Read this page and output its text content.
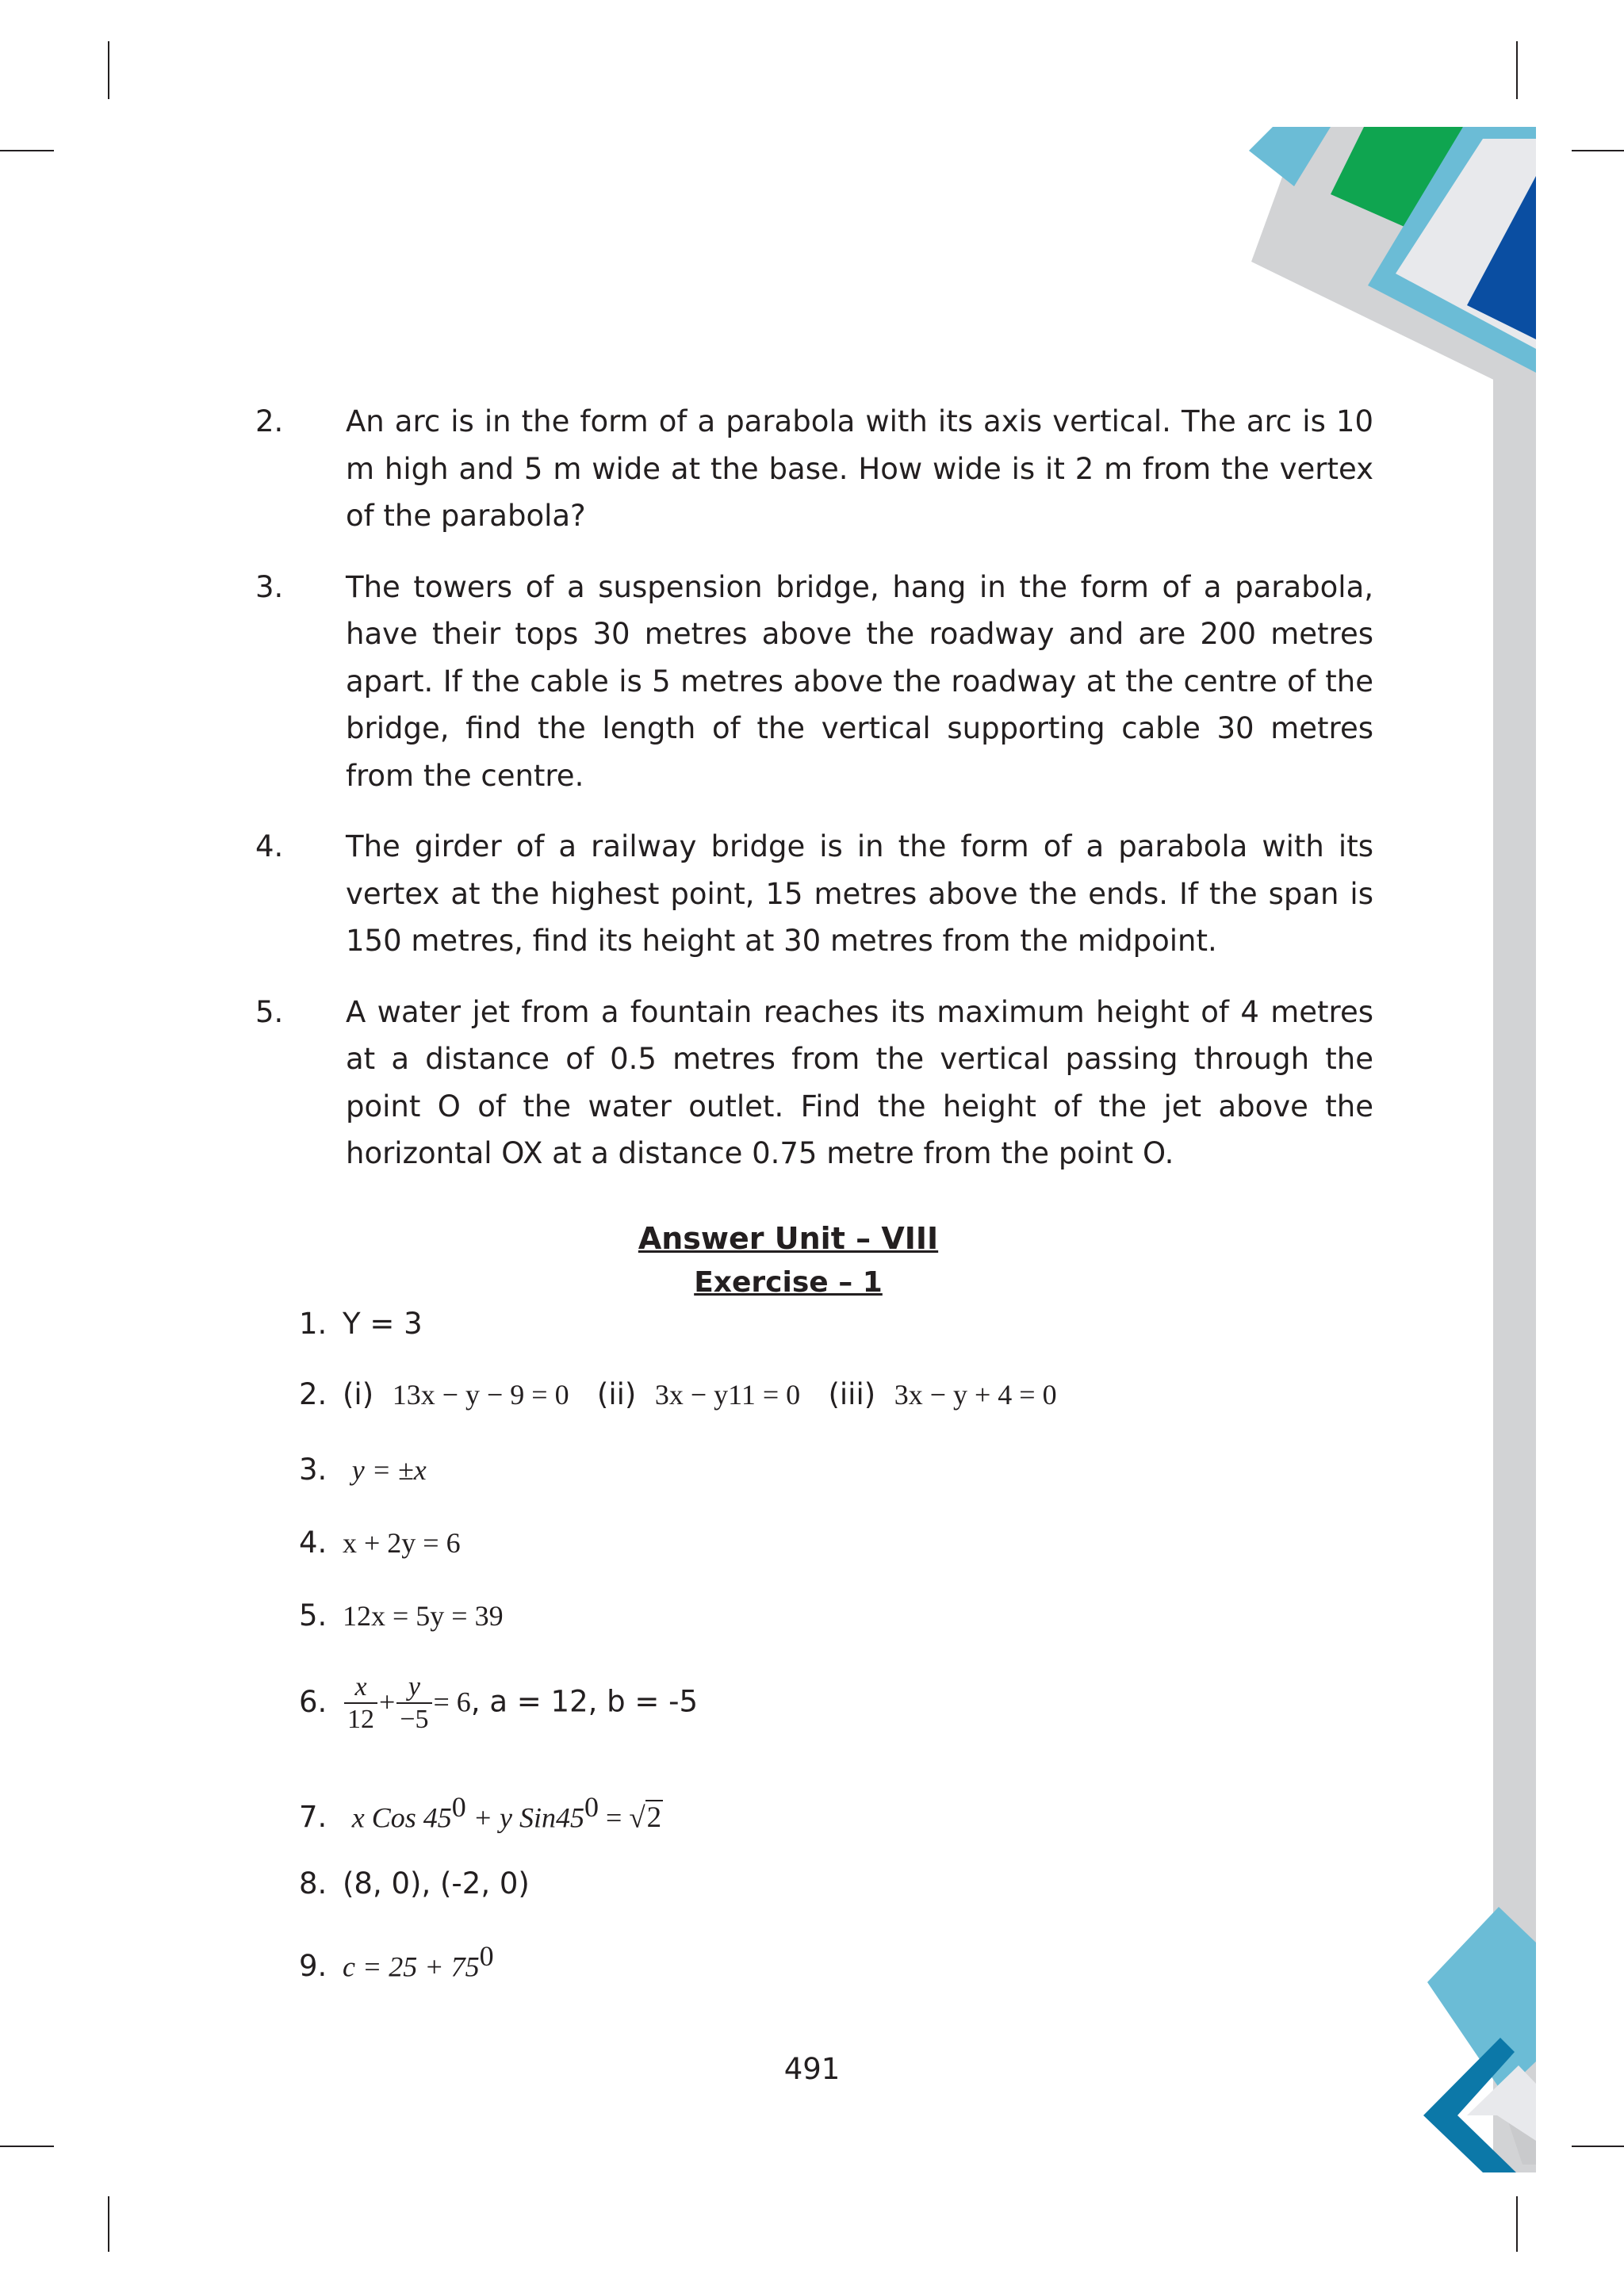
2. An arc is in the form of a parabola with its axis vertical. The arc is 10 m high and 5 m wide at the base. How wide is it 2 m from the vertex of the parabola?
3. The towers of a suspension bridge, hang in the form of a parabola, have their tops 30 metres above the roadway and are 200 metres apart. If the cable is 5 metres above the roadway at the centre of the bridge, find the length of the vertical supporting cable 30 metres from the centre.
4. The girder of a railway bridge is in the form of a parabola with its vertex at the highest point, 15 metres above the ends. If the span is 150 metres, find its height at 30 metres from the midpoint.
5. A water jet from a fountain reaches its maximum height of 4 metres at a distance of 0.5 metres from the vertical passing through the point O of the water outlet. Find the height of the jet above the horizontal OX at a distance 0.75 metre from the point O.
Answer Unit – VIII
Exercise – 1
1. Y = 3
2. (i) 13x − y − 9 = 0 (ii) 3x − y11 = 0 (iii) 3x − y + 4 = 0
3. y = ±x
4. x + 2y = 6
5. 12x = 5y = 39
6. $\frac{x}{12} + \frac{y}{-5} = 6$, a = 12, b = -5
7. x Cos $45^0 + y$ $Sin45^0 = √2$
8. (8, 0), (-2, 0)
9. $c = 25 + 75^0$
491
